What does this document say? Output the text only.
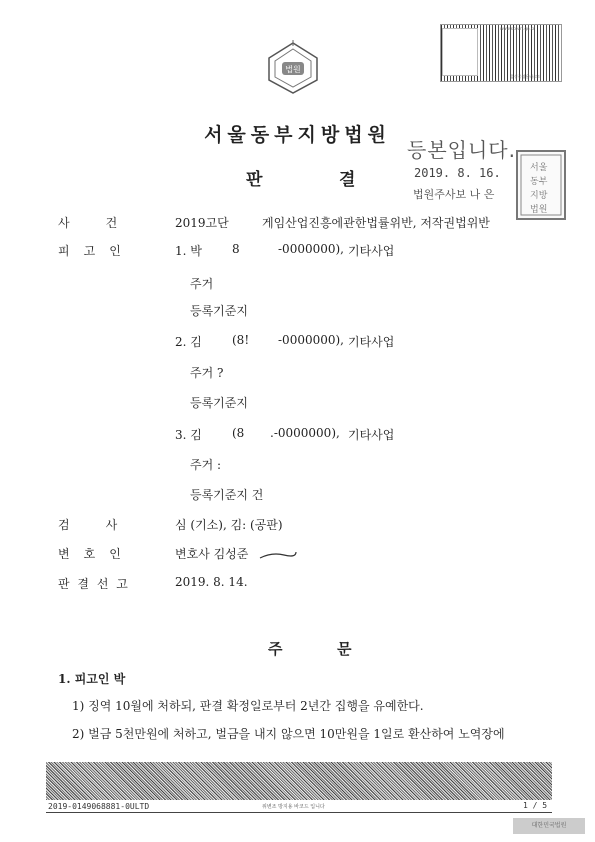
법원
www.scourt.go.kr
음성증명용바코드
서울동부지방법원
판	결
등본입니다.
2019. 8. 16.
법원주사보 나 은
서울
동부
지방
법원
사	건	2019고단	게임산업진흥에관한법률위반, 저작권법위반
피 고 인	1. 박	8	-0000000), 기타사업
주거
등록기준지
2. 김	(8! -0000000), 기타사업
주거 ?
등록기준지
3. 김	(8 .-0000000), 기타사업
주거 :
등록기준지 건
검	사	심 (기소), 김: (공판)
변 호 인	변호사 김성준
판 결 선 고	2019. 8. 14.
주	문
1. 피고인 박
1) 징역 10월에 처하되, 판결 확정일로부터 2년간 집행을 유예한다.
2) 벌금 5천만원에 처하고, 벌금을 내지 않으면 10만원을 1일로 환산하여 노역장에
2019-0149068881-0ULTD	위변조 방지용 바코드 입니다	1 / 5
대한민국법원
